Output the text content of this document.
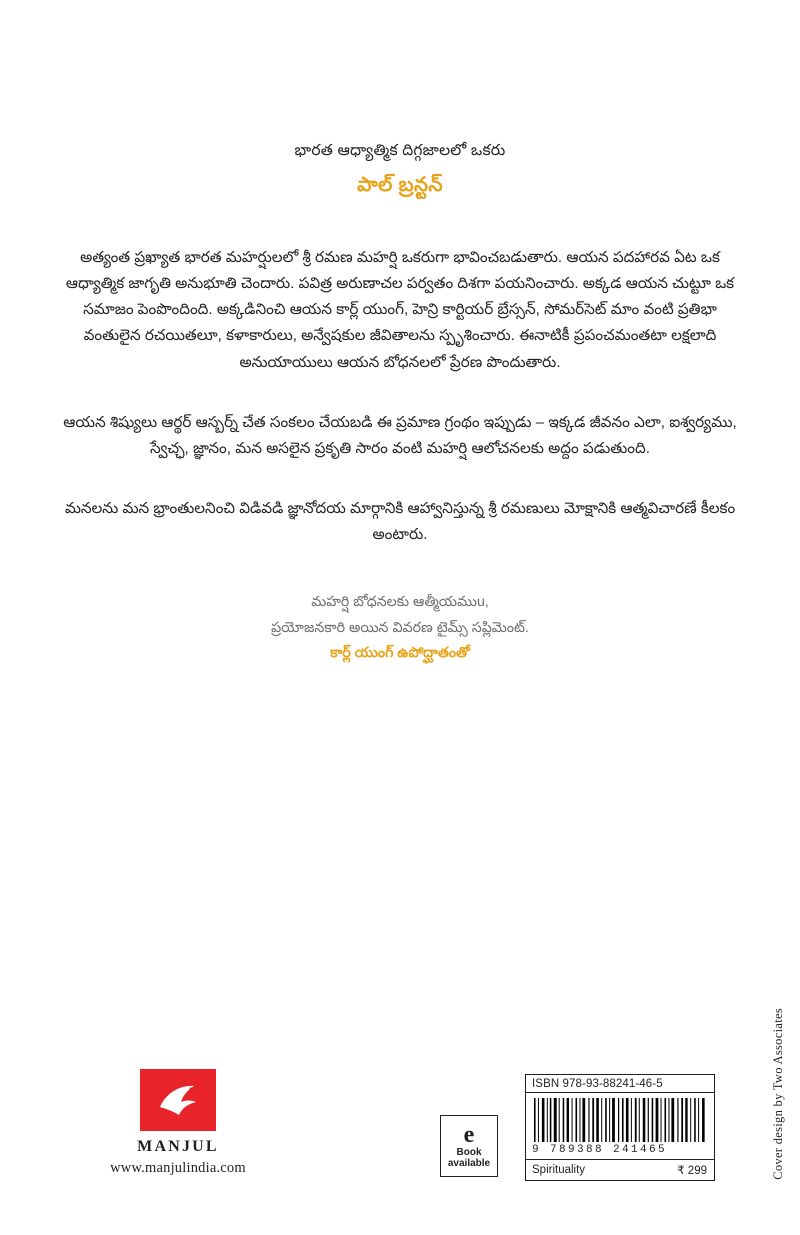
భారత ఆధ్యాత్మిక దిగ్గజాలలో ఒకరు
పాల్ బ్రన్టన్

అత్యంత ప్రఖ్యాత భారత మహర్షులలో శ్రీ రమణ మహర్షి ఒకరుగా భావించబడుతారు. ఆయన పదహారవ ఏట ఒక ఆధ్యాత్మిక జాగృతి అనుభూతి చెందారు. పవిత్ర అరుణాచల పర్వతం దిశగా పయనించారు. అక్కడ ఆయన చుట్టూ ఒక సమాజం పెంపొందింది. అక్కడినించి ఆయన కార్ల్ యుంగ్, హెన్రి కార్టియర్ బ్రేస్సన్, సోమర్‌సెట్ మాం వంటి ప్రతిభా వంతులైన రచయితలూ, కళాకారులు, అన్వేషకుల జీవితాలను స్పృశించారు. ఈనాటికీ ప్రపంచమంతటా లక్షలాది అనుయాయులు ఆయన బోధనలలో ప్రేరణ పొందుతారు.

ఆయన శిష్యులు ఆర్థర్ ఆస్బర్న్ చేత సంకలం చేయబడి ఈ ప్రమాణ గ్రంథం ఇప్పుడు – ఇక్కడ జీవనం ఎలా, ఐశ్వర్యము, స్వేచ్ఛ, జ్ఞానం, మన అసలైన ప్రకృతి సారం వంటి మహర్షి ఆలోచనలకు అద్దం పడుతుంది.

మనలను మన భ్రాంతులనించి విడివడి జ్ఞానోదయ మార్గానికి ఆహ్వానిస్తున్న శ్రీ రమణులు మోక్షానికి ఆత్మవిచారణే కీలకం అంటారు.

మహర్షి బోధనలకు ఆత్మీయముu,
ప్రయోజనకారి అయిన వివరణ టైమ్స్ సప్లిమెంట్.
కార్ల్ యుంగ్ ఉపోద్ఘాతంతో
MANJUL
www.manjulindia.com
e
Book
available
ISBN 978-93-88241-46-5
9 789388 241465
Spirituality	₹ 299	Cover design by Two Associates
